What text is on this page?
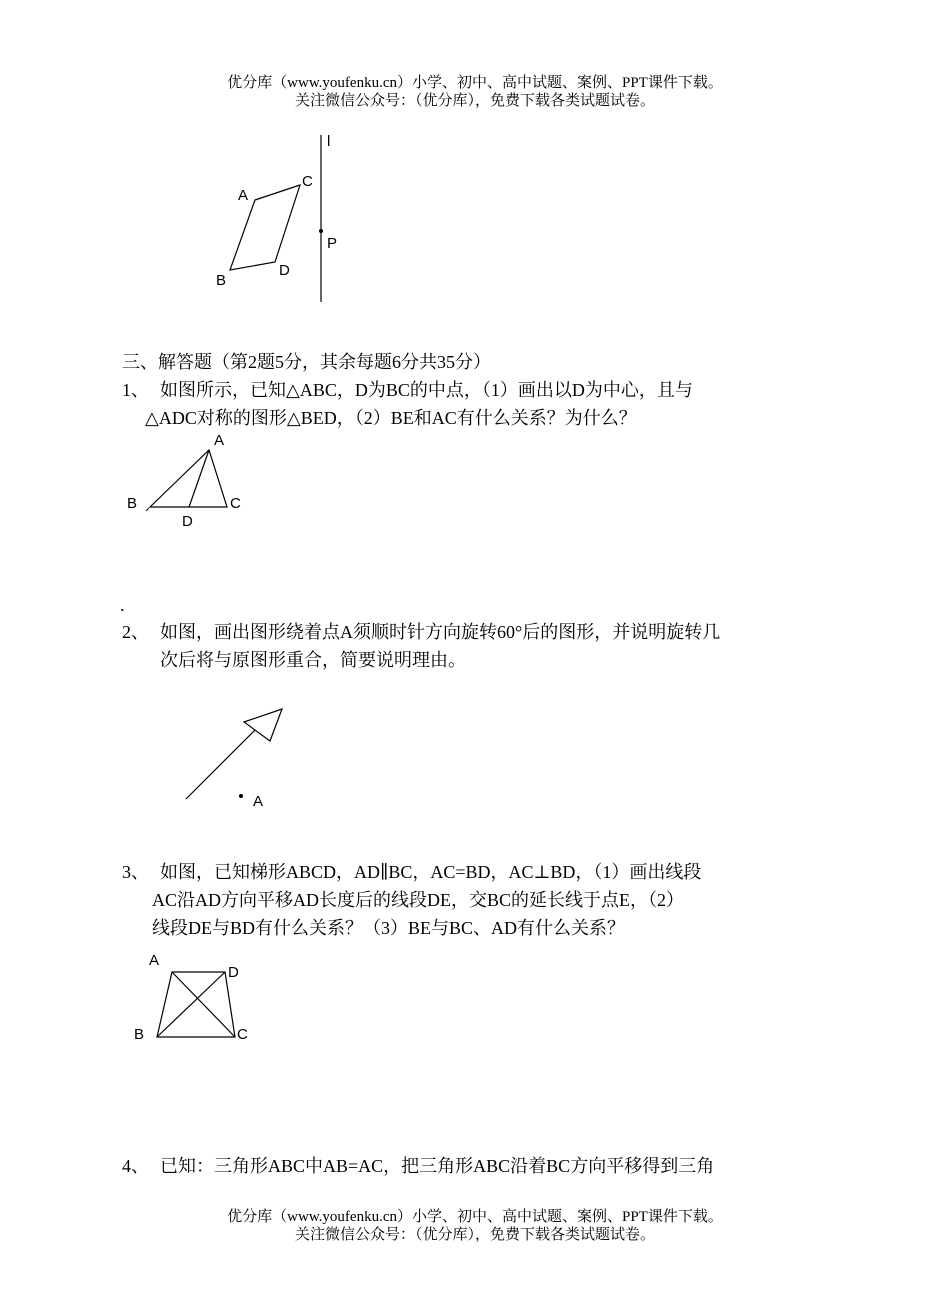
优分库（www.youfenku.cn）小学、初中、高中试题、案例、PPT课件下载。
关注微信公众号：（优分库），免费下载各类试题试卷。
l
A
C
B
D
P
三、解答题（第2题5分，其余每题6分共35分）
1、 如图所示，已知△ABC，D为BC的中点，（1）画出以D为中心，且与
△ADC对称的图形△BED，（2）BE和AC有什么关系？为什么？
A
B	C
D
.
2、 如图，画出图形绕着点A须顺时针方向旋转60°后的图形，并说明旋转几
次后将与原图形重合，简要说明理由。
A
3、 如图，已知梯形ABCD，AD∥BC，AC=BD，AC⊥BD，（1）画出线段
AC沿AD方向平移AD长度后的线段DE，交BC的延长线于点E，（2）
线段DE与BD有什么关系？（3）BE与BC、AD有什么关系？
A
D
B	C
4、 已知：三角形ABC中AB=AC，把三角形ABC沿着BC方向平移得到三角
优分库（www.youfenku.cn）小学、初中、高中试题、案例、PPT课件下载。
关注微信公众号：（优分库），免费下载各类试题试卷。
